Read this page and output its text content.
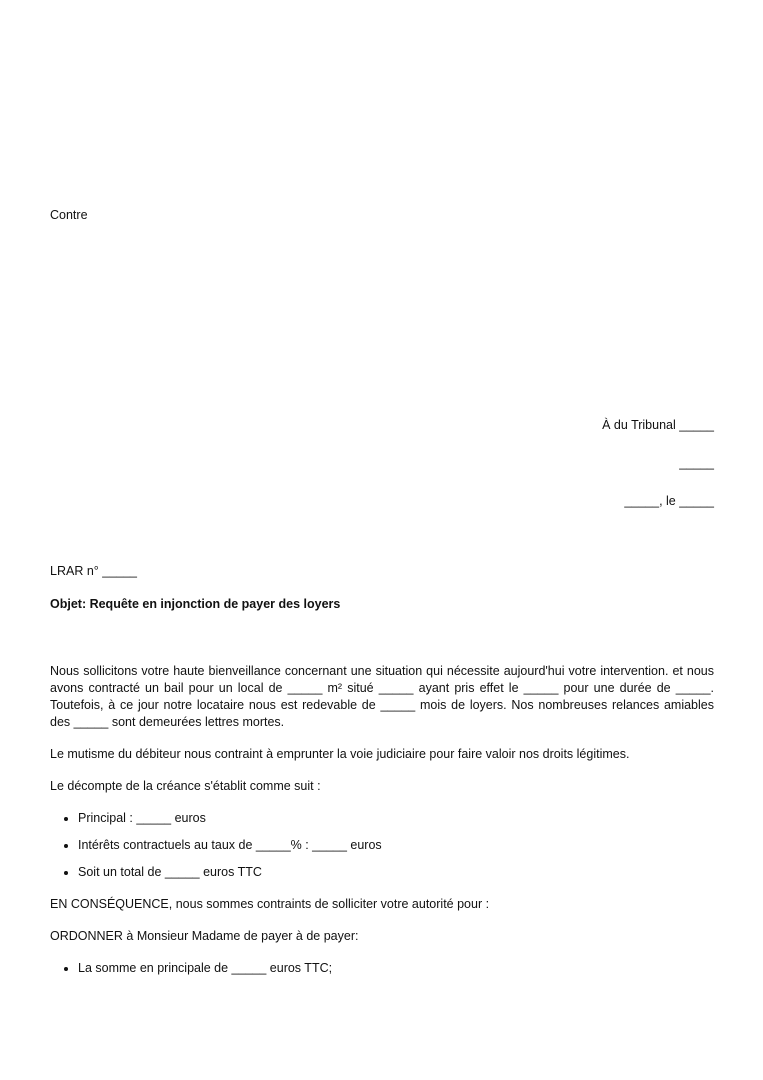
Contre

À du Tribunal _____

_____

_____, le _____

LRAR n° _____

Objet: Requête en injonction de payer des loyers

Nous sollicitons votre haute bienveillance concernant une situation qui nécessite aujourd'hui votre intervention. et nous avons contracté un bail pour un local de _____ m² situé _____ ayant pris effet le _____ pour une durée de _____. Toutefois, à ce jour notre locataire nous est redevable de _____ mois de loyers. Nos nombreuses relances amiables des _____ sont demeurées lettres mortes.

Le mutisme du débiteur nous contraint à emprunter la voie judiciaire pour faire valoir nos droits légitimes.

Le décompte de la créance s'établit comme suit :

• Principal : _____ euros
• Intérêts contractuels au taux de _____% : _____ euros
• Soit un total de _____ euros TTC

EN CONSÉQUENCE, nous sommes contraints de solliciter votre autorité pour :

ORDONNER à Monsieur Madame de payer à de payer:

• La somme en principale de _____ euros TTC;
